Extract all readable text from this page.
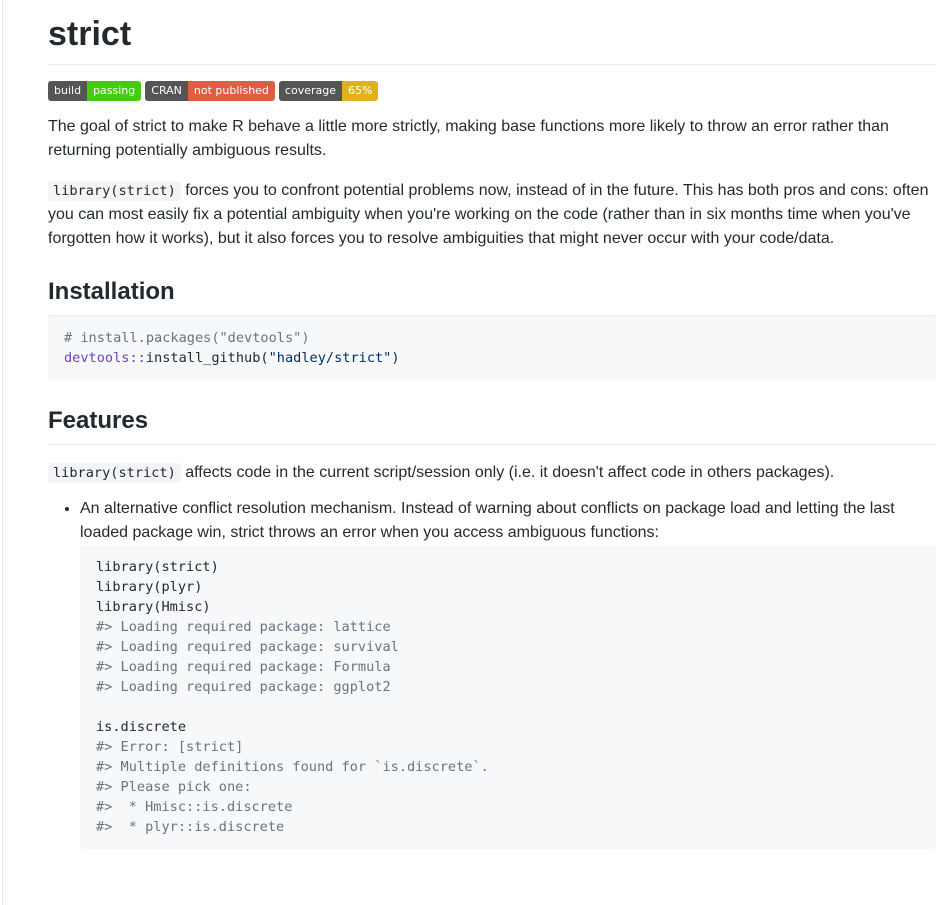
strict
build	passing	CRAN	not published	coverage	65%

The goal of strict to make R behave a little more strictly, making base functions more likely to throw an error rather than returning potentially ambiguous results.

library(strict) forces you to confront potential problems now, instead of in the future. This has both pros and cons: often you can most easily fix a potential ambiguity when you're working on the code (rather than in six months time when you've forgotten how it works), but it also forces you to resolve ambiguities that might never occur with your code/data.

Installation
# install.packages("devtools")
devtools::install_github("hadley/strict")
Features

library(strict) affects code in the current script/session only (i.e. it doesn't affect code in others packages).

• An alternative conflict resolution mechanism. Instead of warning about conflicts on package load and letting the last loaded package win, strict throws an error when you access ambiguous functions:
library(strict)
library(plyr)
library(Hmisc)
#> Loading required package: lattice
#> Loading required package: survival
#> Loading required package: Formula
#> Loading required package: ggplot2

is.discrete
#> Error: [strict]
#> Multiple definitions found for `is.discrete`.
#> Please pick one:
#>  * Hmisc::is.discrete
#>  * plyr::is.discrete
